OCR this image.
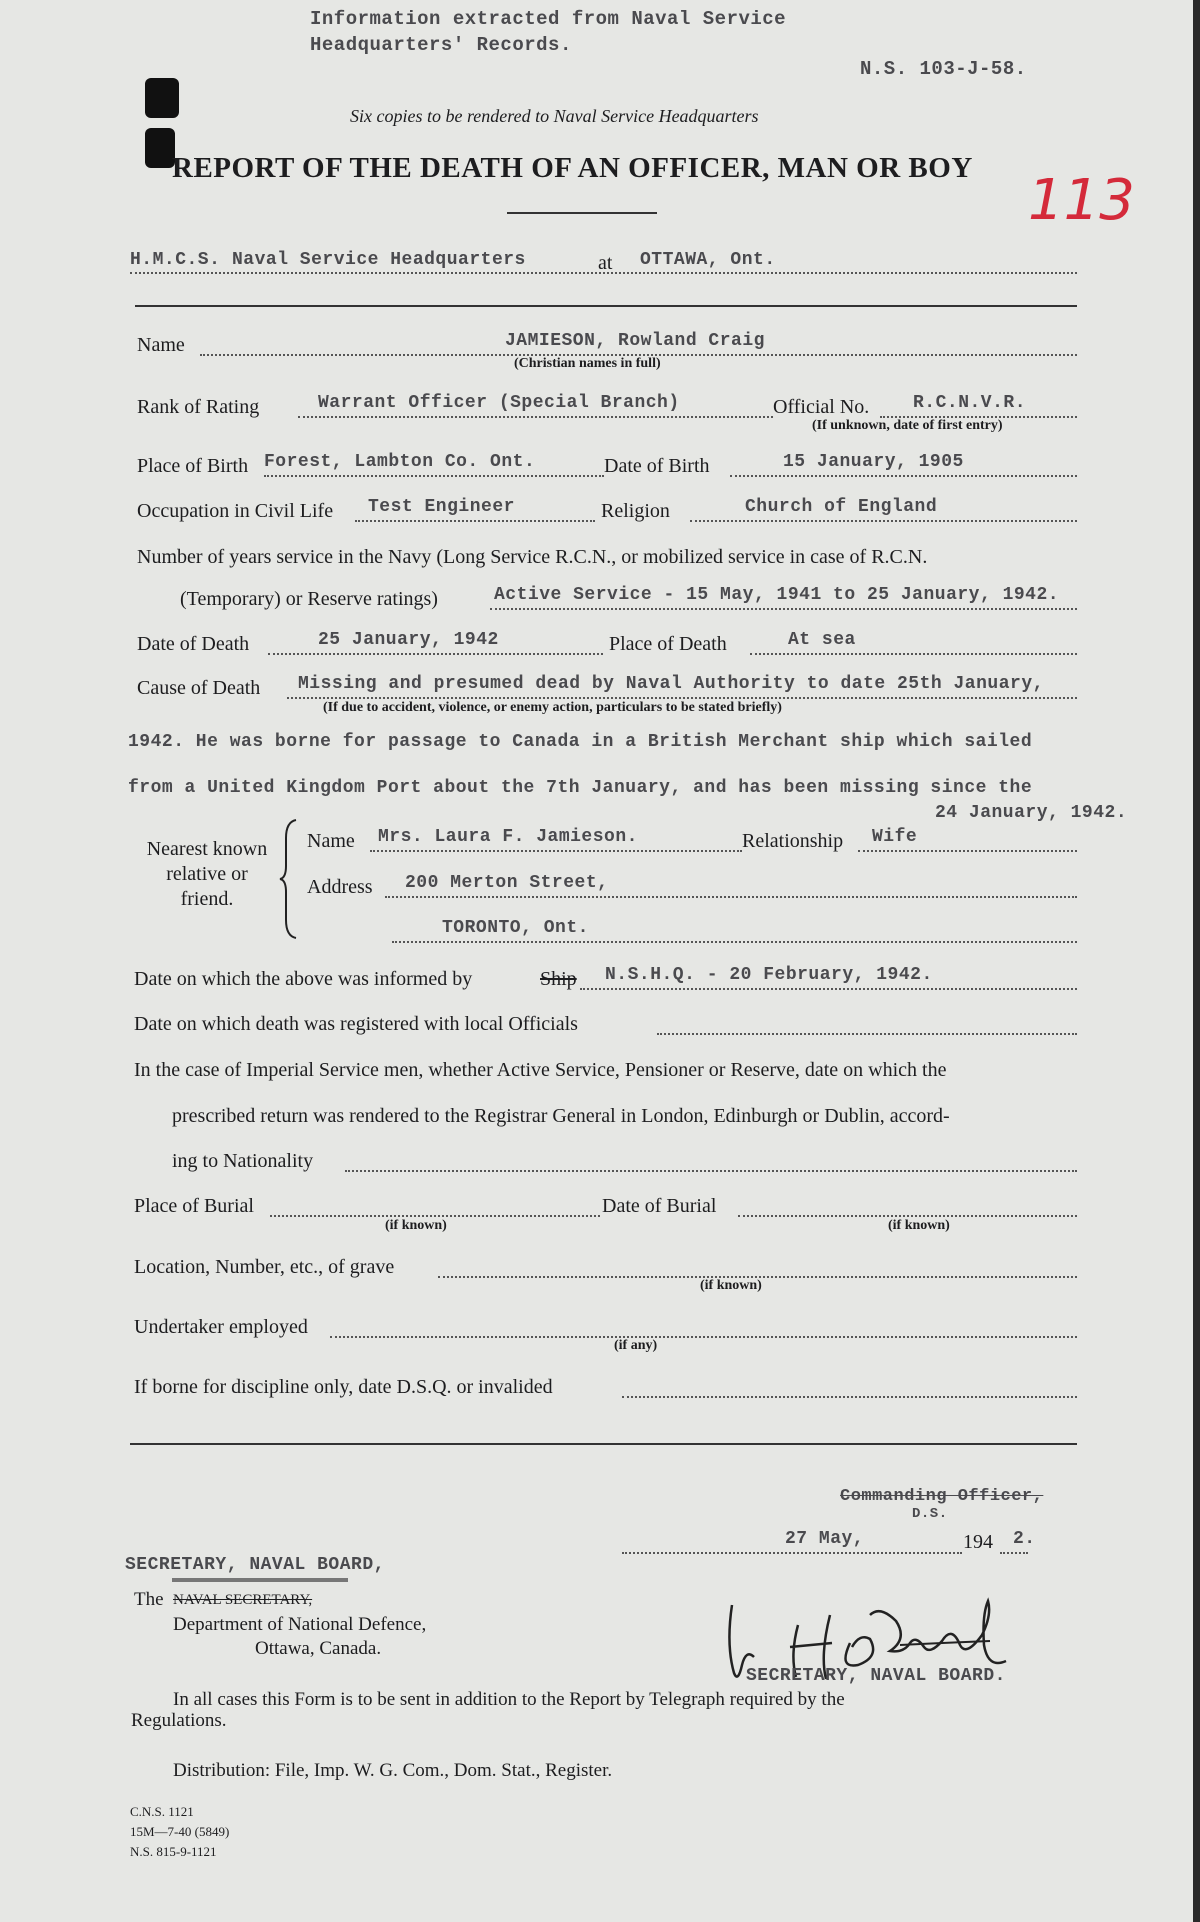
Information extracted from Naval Service
Headquarters' Records.
N.S. 103-J-58.
Six copies to be rendered to Naval Service Headquarters
REPORT OF THE DEATH OF AN OFFICER, MAN OR BOY 113
H.M.C.S. Naval Service Headquarters	at OTTAWA, Ont.
Name	JAMIESON, Rowland Craig
(Christian names in full)
Rank of Rating	Warrant Officer (Special Branch)	Official No. R.C.N.V.R.
(If unknown, date of first entry)
Place of Birth Forest, Lambton Co. Ont.	Date of Birth	15 January, 1905
Occupation in Civil Life Test Engineer	Religion	Church of England
Number of years service in the Navy (Long Service R.C.N., or mobilized service in case of R.C.N.
(Temporary) or Reserve ratings)	Active Service - 15 May, 1941 to 25 January, 1942.
Date of Death	25 January, 1942	Place of Death	At sea
Cause of Death Missing and presumed dead by Naval Authority to date 25th January,
(If due to accident, violence, or enemy action, particulars to be stated briefly)
1942. He was borne for passage to Canada in a British Merchant ship which sailed
from a United Kingdom Port about the 7th January, and has been missing since the
24 January, 1942.
Nearest known
relative or
friend.
Name Mrs. Laura F. Jamieson.	Relationship Wife
Address 200 Merton Street,
TORONTO, Ont.
Date on which the above was informed by	Ship N.S.H.Q. - 20 February, 1942.
Date on which death was registered with local Officials
In the case of Imperial Service men, whether Active Service, Pensioner or Reserve, date on which the
prescribed return was rendered to the Registrar General in London, Edinburgh or Dublin, accord-
ing to Nationality
Place of Burial
(if known)
Date of Burial
(if known)
Location, Number, etc., of grave
(if known)
Undertaker employed
(if any)
If borne for discipline only, date D.S.Q. or invalided
Commanding Officer,
D.S.
27 May,	194 2.
SECRETARY, NAVAL BOARD.
SECRETARY, NAVAL BOARD,
The NAVAL SECRETARY,
Department of National Defence,
Ottawa, Canada.
In all cases this Form is to be sent in addition to the Report by Telegraph required by the
Regulations.
Distribution: File, Imp. W. G. Com., Dom. Stat., Register.
C.N.S. 1121
15M—7-40 (5849)
N.S. 815-9-1121
